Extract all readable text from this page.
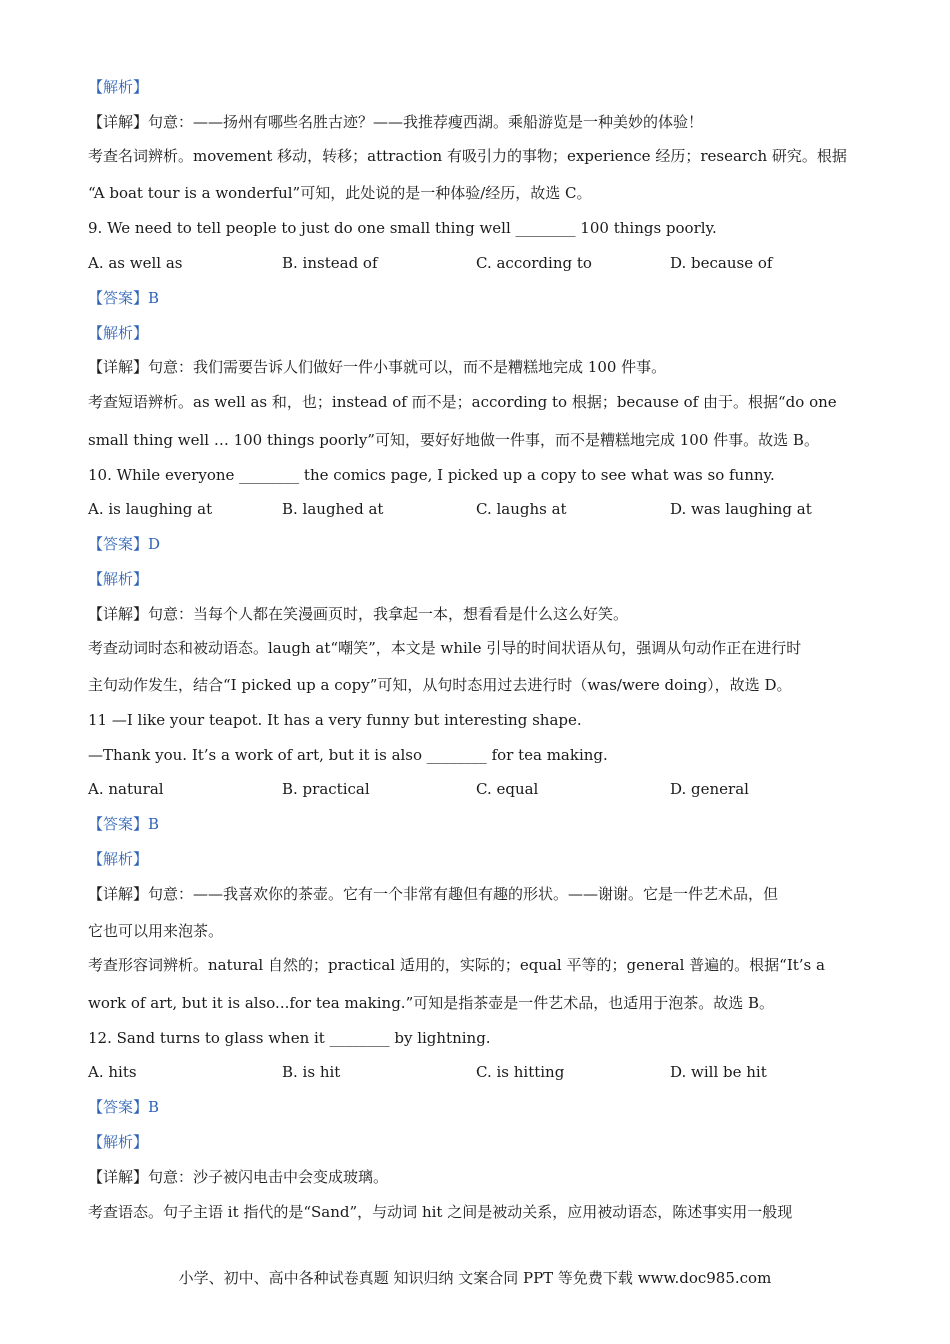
【解析】
【详解】句意：——扬州有哪些名胜古迹？——我推荐瘦西湖。乘船游览是一种美妙的体验！
考查名词辨析。movement 移动，转移；attraction 有吸引力的事物；experience 经历；research 研究。根据
“A boat tour is a wonderful”可知，此处说的是一种体验/经历，故选 C。
9. We need to tell people to just do one small thing well ________ 100 things poorly.
A. as well as	B. instead of	C. according to	D. because of
【答案】B
【解析】
【详解】句意：我们需要告诉人们做好一件小事就可以，而不是糟糕地完成 100 件事。
考查短语辨析。as well as 和，也；instead of 而不是；according to 根据；because of 由于。根据“do one
small thing well … 100 things poorly”可知，要好好地做一件事，而不是糟糕地完成 100 件事。故选 B。
10. While everyone ________ the comics page, I picked up a copy to see what was so funny.
A. is laughing at	B. laughed at	C. laughs at	D. was laughing at
【答案】D
【解析】
【详解】句意：当每个人都在笑漫画页时，我拿起一本，想看看是什么这么好笑。
考查动词时态和被动语态。laugh at“嘲笑”，本文是 while 引导的时间状语从句，强调从句动作正在进行时
主句动作发生，结合“I picked up a copy”可知，从句时态用过去进行时（was/were doing），故选 D。
11 —I like your teapot. It has a very funny but interesting shape.
—Thank you. It’s a work of art, but it is also ________ for tea making.
A. natural	B. practical	C. equal	D. general
【答案】B
【解析】
【详解】句意：——我喜欢你的茶壶。它有一个非常有趣但有趣的形状。——谢谢。它是一件艺术品，但
它也可以用来泡茶。
考查形容词辨析。natural 自然的；practical 适用的，实际的；equal 平等的；general 普遍的。根据“It’s a
work of art, but it is also...for tea making.”可知是指茶壶是一件艺术品，也适用于泡茶。故选 B。
12. Sand turns to glass when it ________ by lightning.
A. hits	B. is hit	C. is hitting	D. will be hit
【答案】B
【解析】
【详解】句意：沙子被闪电击中会变成玻璃。
考查语态。句子主语 it 指代的是“Sand”，与动词 hit 之间是被动关系，应用被动语态，陈述事实用一般现
小学、初中、高中各种试卷真题 知识归纳 文案合同 PPT 等免费下载 www.doc985.com
